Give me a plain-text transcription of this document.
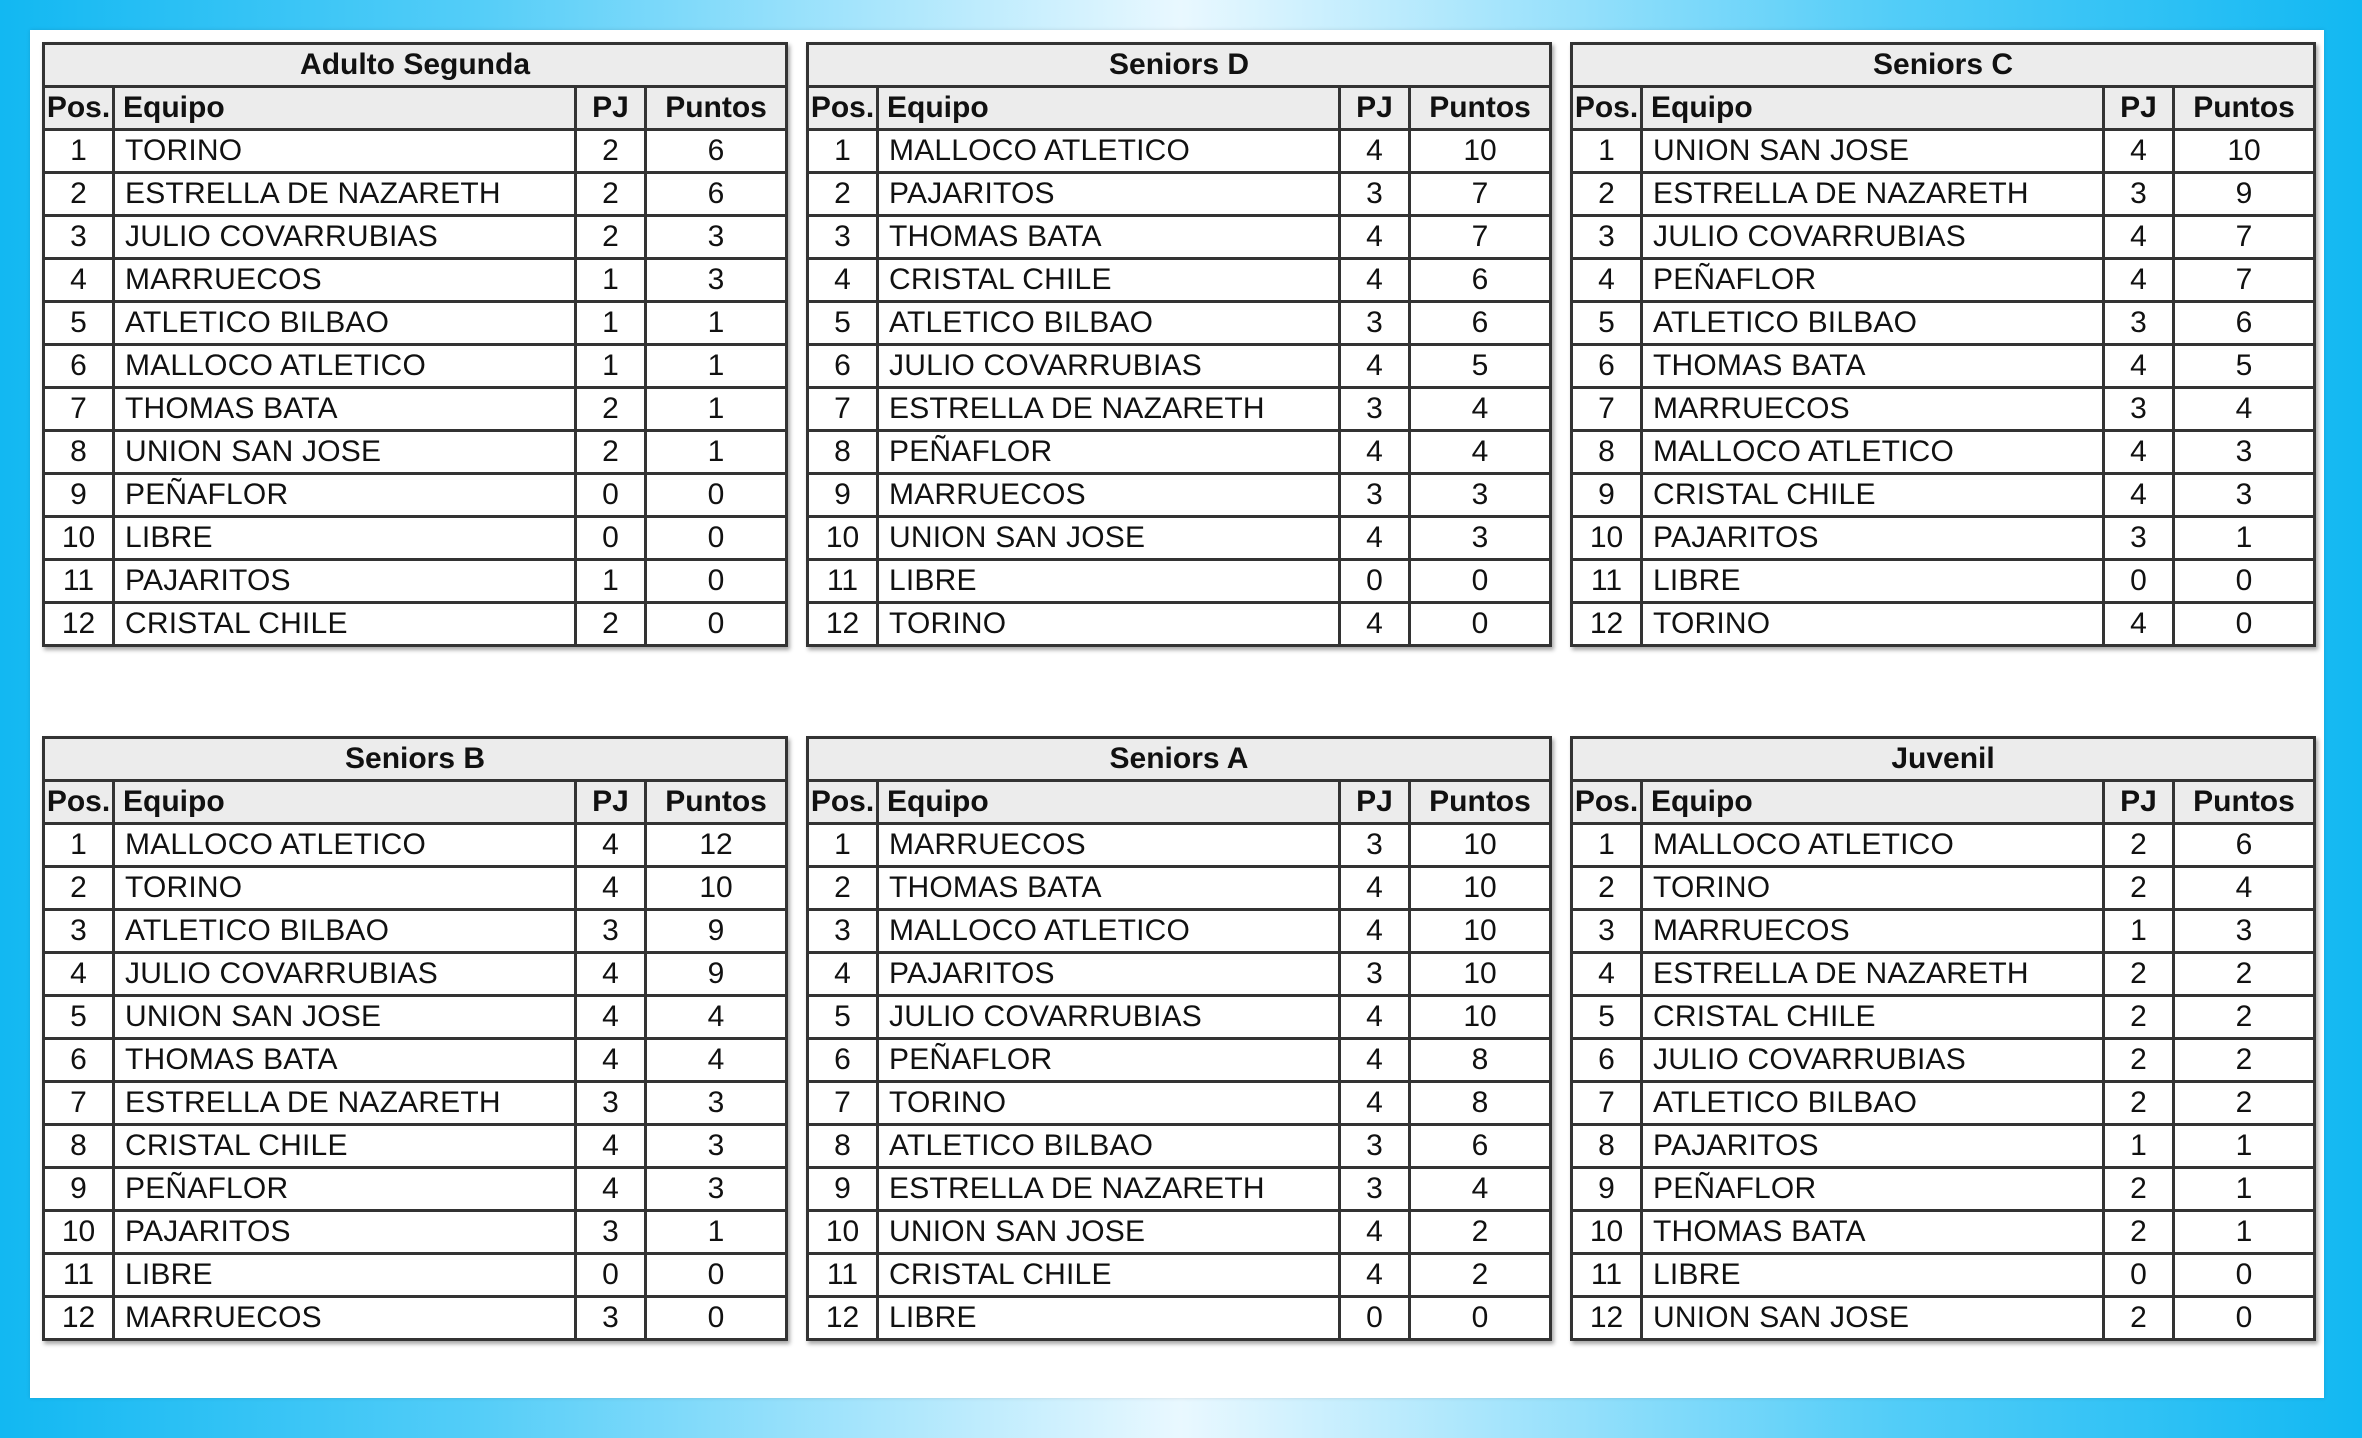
Adulto Segunda			
Pos.	Equipo	PJ	Puntos
1	TORINO	2	6
2	ESTRELLA DE NAZARETH	2	6
3	JULIO COVARRUBIAS	2	3
4	MARRUECOS	1	3
5	ATLETICO BILBAO	1	1
6	MALLOCO ATLETICO	1	1
7	THOMAS BATA	2	1
8	UNION SAN JOSE	2	1
9	PEÑAFLOR	0	0
10	LIBRE	0	0
11	PAJARITOS	1	0
12	CRISTAL CHILE	2	0
Seniors D			
Pos.	Equipo	PJ	Puntos
1	MALLOCO ATLETICO	4	10
2	PAJARITOS	3	7
3	THOMAS BATA	4	7
4	CRISTAL CHILE	4	6
5	ATLETICO BILBAO	3	6
6	JULIO COVARRUBIAS	4	5
7	ESTRELLA DE NAZARETH	3	4
8	PEÑAFLOR	4	4
9	MARRUECOS	3	3
10	UNION SAN JOSE	4	3
11	LIBRE	0	0
12	TORINO	4	0
Seniors C			
Pos.	Equipo	PJ	Puntos
1	UNION SAN JOSE	4	10
2	ESTRELLA DE NAZARETH	3	9
3	JULIO COVARRUBIAS	4	7
4	PEÑAFLOR	4	7
5	ATLETICO BILBAO	3	6
6	THOMAS BATA	4	5
7	MARRUECOS	3	4
8	MALLOCO ATLETICO	4	3
9	CRISTAL CHILE	4	3
10	PAJARITOS	3	1
11	LIBRE	0	0
12	TORINO	4	0
Seniors B			
Pos.	Equipo	PJ	Puntos
1	MALLOCO ATLETICO	4	12
2	TORINO	4	10
3	ATLETICO BILBAO	3	9
4	JULIO COVARRUBIAS	4	9
5	UNION SAN JOSE	4	4
6	THOMAS BATA	4	4
7	ESTRELLA DE NAZARETH	3	3
8	CRISTAL CHILE	4	3
9	PEÑAFLOR	4	3
10	PAJARITOS	3	1
11	LIBRE	0	0
12	MARRUECOS	3	0
Seniors A			
Pos.	Equipo	PJ	Puntos
1	MARRUECOS	3	10
2	THOMAS BATA	4	10
3	MALLOCO ATLETICO	4	10
4	PAJARITOS	3	10
5	JULIO COVARRUBIAS	4	10
6	PEÑAFLOR	4	8
7	TORINO	4	8
8	ATLETICO BILBAO	3	6
9	ESTRELLA DE NAZARETH	3	4
10	UNION SAN JOSE	4	2
11	CRISTAL CHILE	4	2
12	LIBRE	0	0
Juvenil			
Pos.	Equipo	PJ	Puntos
1	MALLOCO ATLETICO	2	6
2	TORINO	2	4
3	MARRUECOS	1	3
4	ESTRELLA DE NAZARETH	2	2
5	CRISTAL CHILE	2	2
6	JULIO COVARRUBIAS	2	2
7	ATLETICO BILBAO	2	2
8	PAJARITOS	1	1
9	PEÑAFLOR	2	1
10	THOMAS BATA	2	1
11	LIBRE	0	0
12	UNION SAN JOSE	2	0
